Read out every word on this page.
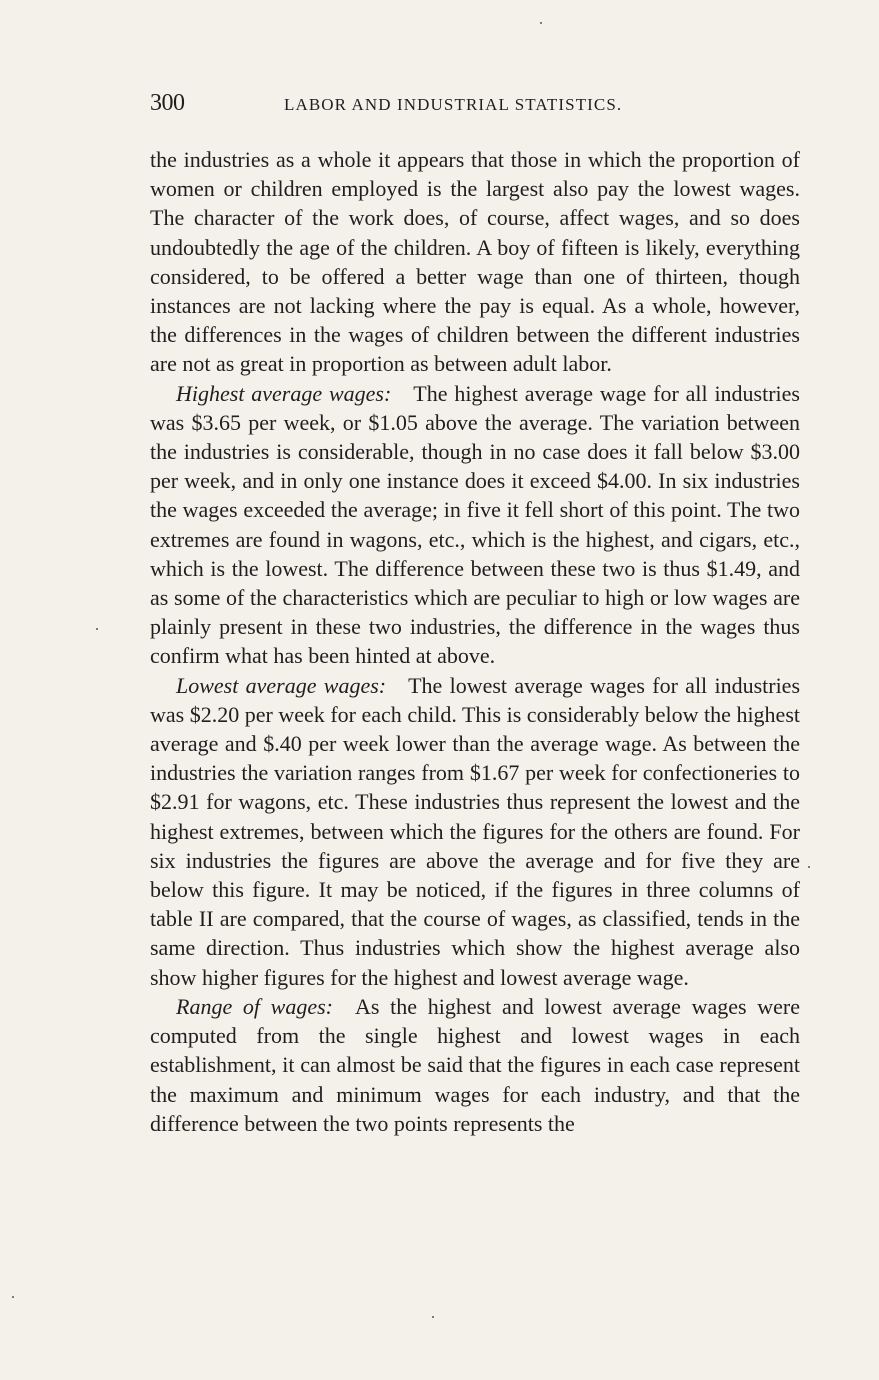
300	LABOR AND INDUSTRIAL STATISTICS.

the industries as a whole it appears that those in which the proportion of women or children employed is the largest also pay the lowest wages. The character of the work does, of course, affect wages, and so does undoubtedly the age of the children. A boy of fifteen is likely, everything considered, to be offered a better wage than one of thirteen, though instances are not lacking where the pay is equal. As a whole, however, the differences in the wages of children between the different industries are not as great in proportion as between adult labor.

Highest average wages:  The highest average wage for all industries was $3.65 per week, or $1.05 above the average. The variation between the industries is considerable, though in no case does it fall below $3.00 per week, and in only one instance does it exceed $4.00. In six industries the wages exceeded the average; in five it fell short of this point. The two extremes are found in wagons, etc., which is the highest, and cigars, etc., which is the lowest. The difference between these two is thus $1.49, and as some of the characteristics which are peculiar to high or low wages are plainly present in these two industries, the difference in the wages thus confirm what has been hinted at above.

Lowest average wages:  The lowest average wages for all industries was $2.20 per week for each child. This is considerably below the highest average and $.40 per week lower than the average wage. As between the industries the variation ranges from $1.67 per week for confectioneries to $2.91 for wagons, etc. These industries thus represent the lowest and the highest extremes, between which the figures for the others are found. For six industries the figures are above the average and for five they are below this figure. It may be noticed, if the figures in three columns of table II are compared, that the course of wages, as classified, tends in the same direction. Thus industries which show the highest average also show higher figures for the highest and lowest average wage.

Range of wages:  As the highest and lowest average wages were computed from the single highest and lowest wages in each establishment, it can almost be said that the figures in each case represent the maximum and minimum wages for each industry, and that the difference between the two points represents the
